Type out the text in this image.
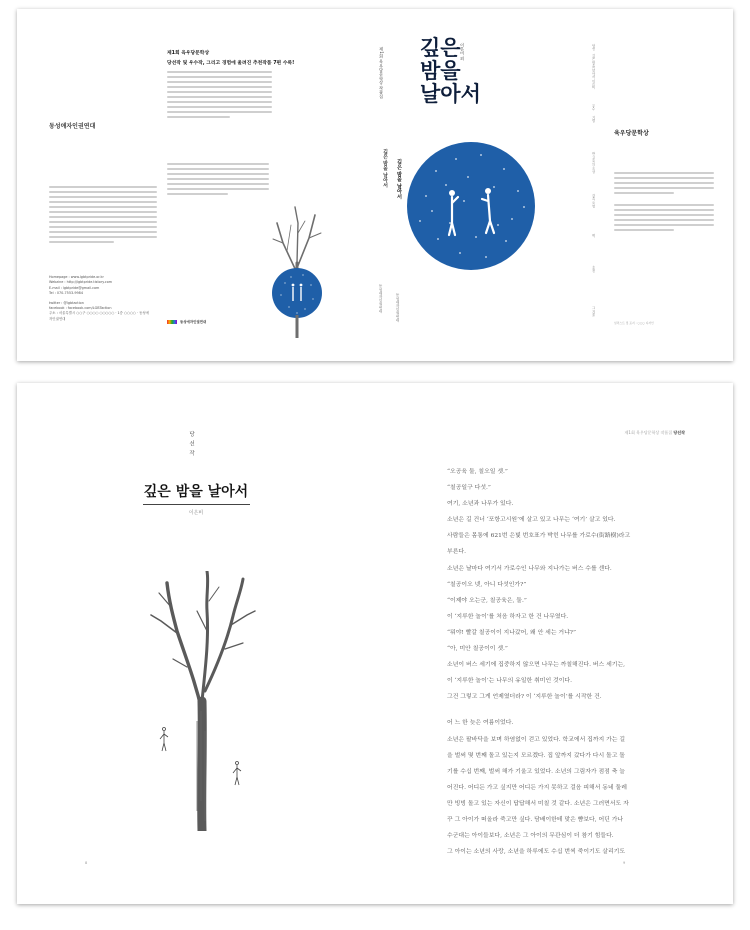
동성애자인권연대
Homepage : www.lgbtpride.or.kr
Webzine : http://lgbtpride.tistory.com
E-mail : lgbtpride@gmail.com
Tel : 070-7553-9984
twitter : @lgbtaction
facebook : facebook.com/LGBTaction
주소 : 서울특별시 ○○구 ○○○○ ○○○○○ · 1층 ○○○○ · 동성애자인권연대
제1회 육우당문학상
당선작 및 우수작, 그리고 경험에 울려진 추천작품 7편 수록!
동성애자인권연대
제1회 육우당문학상 작품집
깊은 밤을 날아서
동성애자인권연대
깊은
밤을
날아서
이은비 외
깊은 밤을 날아서
동성애자인권연대
당선
깊은 밤을 날아서 이은비
우수
기별
반 고흐의 초상
감촉 오영
벽
추천
그 겨울
육우당문학상
일러스트 및 표지 : ○○○ 디자인
당선작
깊은 밤을 날아서
이은비
8
제1회 육우당문학상 작품집 당선작

“오공육 둘, 칠오일 셋.”

“칠공일구 다섯.”

여기, 소년과 나무가 있다.

소년은 길 건너 ‘포항고시원’에 살고 있고 나무는 ‘여기’ 살고 있다.

사람들은 몸통에 621번 은빛 번호표가 박힌 나무를 가로수(街路樹)라고

부른다.

소년은 날마다 여기서 가로수인 나무와 지나가는 버스 수를 센다.

“칠공이오 넷, 아니 다섯인가?”

“이제야 오는군, 칠공육은, 둘.”

이 ‘지루한 놀이’를 처음 하자고 한 건 나무였다.

“뭐야! 빨갈 칠공이이 지나갔어, 왜 안 세는 거냐?”

“아, 미안 칠공이이 셋.”

소년이 버스 세기에 집중하지 않으면 나무는 까칠해진다. 버스 세기는,

이 ‘지루한 놀이’는 나무의 유일한 취미인 것이다.

그건 그렇고 그게 언제였더라? 이 ‘지루한 놀이’를 시작한 건.

어 느 한 늦은 여름이었다.

소년은 팔바닥을 보며 하염없이 걷고 있었다. 학교에서 집까지 가는 길

을 벌써 몇 번째 돌고 있는지 모르겠다. 집 앞까지 갔다가 다시 돌고 돌

기를 수십 번째, 벌써 해가 기울고 있었다. 소년의 그림자가 점점 축 늘

어진다. 어디든 가고 싶지만 어디든 가지 못하고 걸음 피해서 동네 둘레

만 빙빙 돌고 있는 자신이 답답해서 미칠 것 같다. 소년은 그러면서도 자

꾸 그 아이가 떠올라 죽고만 싶다. 담배이한테 맞은 뺨보다, 어딘 가나

수군대는 아이들보다, 소년은 그 아이의 무관심이 더 참기 힘들다.

그 아이는 소년의 사랑, 소년을 하루에도 수십 번씩 죽이기도 살리기도

9
